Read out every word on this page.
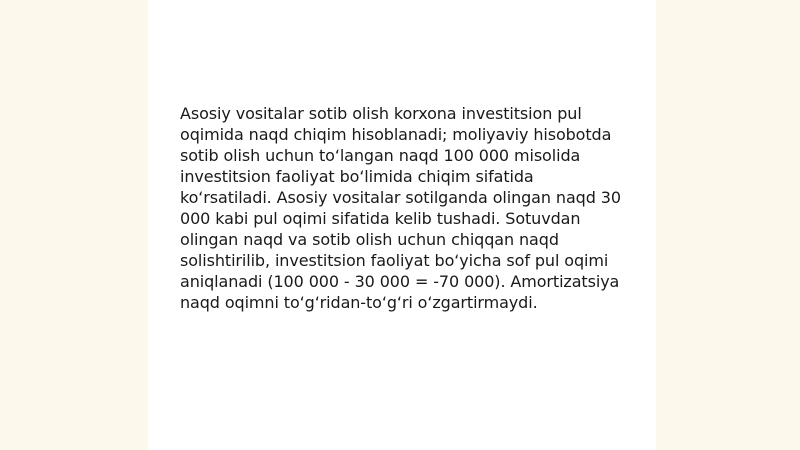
Asosiy vositalar sotib olish korxona investitsion pul oqimida naqd chiqim hisoblanadi; moliyaviy hisobotda sotib olish uchun to‘langan naqd 100 000 misolida investitsion faoliyat bo‘limida chiqim sifatida ko‘rsatiladi. Asosiy vositalar sotilganda olingan naqd 30 000 kabi pul oqimi sifatida kelib tushadi. Sotuvdan olingan naqd va sotib olish uchun chiqqan naqd solishtirilib, investitsion faoliyat bo‘yicha sof pul oqimi aniqlanadi (100 000 - 30 000 = -70 000). Amortizatsiya naqd oqimni to‘g‘ridan-to‘g‘ri o‘zgartirmaydi.
